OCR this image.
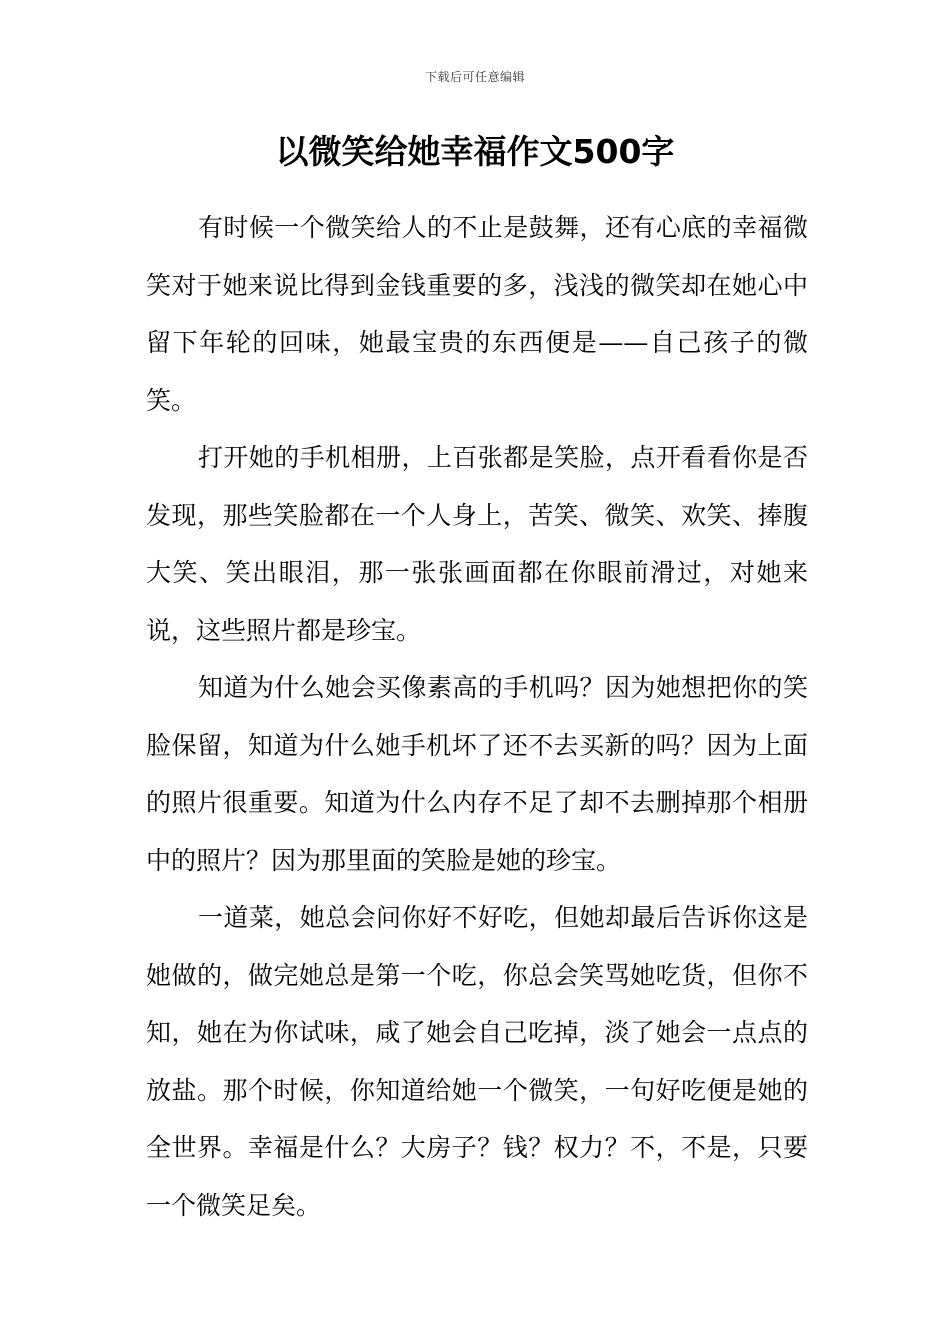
下载后可任意编辑
以微笑给她幸福作文500字

有时候一个微笑给人的不止是鼓舞，还有心底的幸福微笑对于她来说比得到金钱重要的多，浅浅的微笑却在她心中留下年轮的回味，她最宝贵的东西便是——自己孩子的微笑。

打开她的手机相册，上百张都是笑脸，点开看看你是否发现，那些笑脸都在一个人身上，苦笑、微笑、欢笑、捧腹大笑、笑出眼泪，那一张张画面都在你眼前滑过，对她来说，这些照片都是珍宝。

知道为什么她会买像素高的手机吗？因为她想把你的笑脸保留，知道为什么她手机坏了还不去买新的吗？因为上面的照片很重要。知道为什么内存不足了却不去删掉那个相册中的照片？因为那里面的笑脸是她的珍宝。

一道菜，她总会问你好不好吃，但她却最后告诉你这是她做的，做完她总是第一个吃，你总会笑骂她吃货，但你不知，她在为你试味，咸了她会自己吃掉，淡了她会一点点的放盐。那个时候，你知道给她一个微笑，一句好吃便是她的全世界。幸福是什么？大房子？钱？权力？不，不是，只要一个微笑足矣。
